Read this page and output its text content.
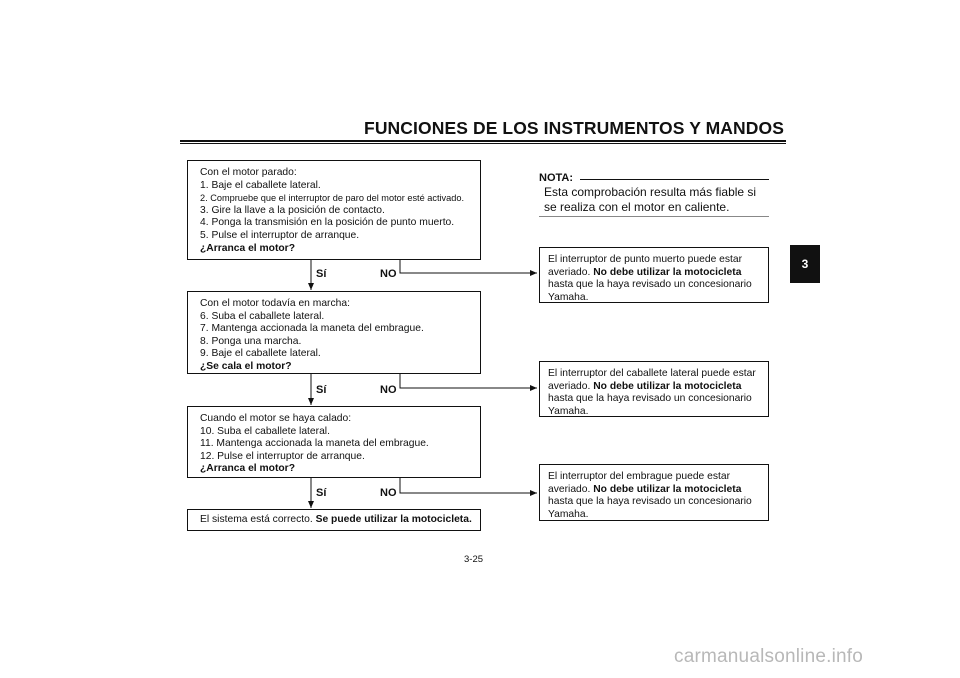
FUNCIONES DE LOS INSTRUMENTOS Y MANDOS
3
Con el motor parado:
1. Baje el caballete lateral.
2. Compruebe que el interruptor de paro del motor esté activado.
3. Gire la llave a la posición de contacto.
4. Ponga la transmisión en la posición de punto muerto.
5. Pulse el interruptor de arranque.
¿Arranca el motor?
Con el motor todavía en marcha:
6. Suba el caballete lateral.
7. Mantenga accionada la maneta del embrague.
8. Ponga una marcha.
9. Baje el caballete lateral.
¿Se cala el motor?
Cuando el motor se haya calado:
10. Suba el caballete lateral.
11. Mantenga accionada la maneta del embrague.
12. Pulse el interruptor de arranque.
¿Arranca el motor?
El sistema está correcto. Se puede utilizar la motocicleta.
El interruptor de punto muerto puede estar averiado. No debe utilizar la motocicleta hasta que la haya revisado un concesionario Yamaha.
El interruptor del caballete lateral puede estar averiado. No debe utilizar la motocicleta hasta que la haya revisado un concesionario Yamaha.
El interruptor del embrague puede estar averiado. No debe utilizar la motocicleta hasta que la haya revisado un concesionario Yamaha.
Sí	NO
Sí	NO
Sí	NO
NOTA:
Esta comprobación resulta más fiable si se realiza con el motor en caliente.
3-25
carmanualsonline.info
